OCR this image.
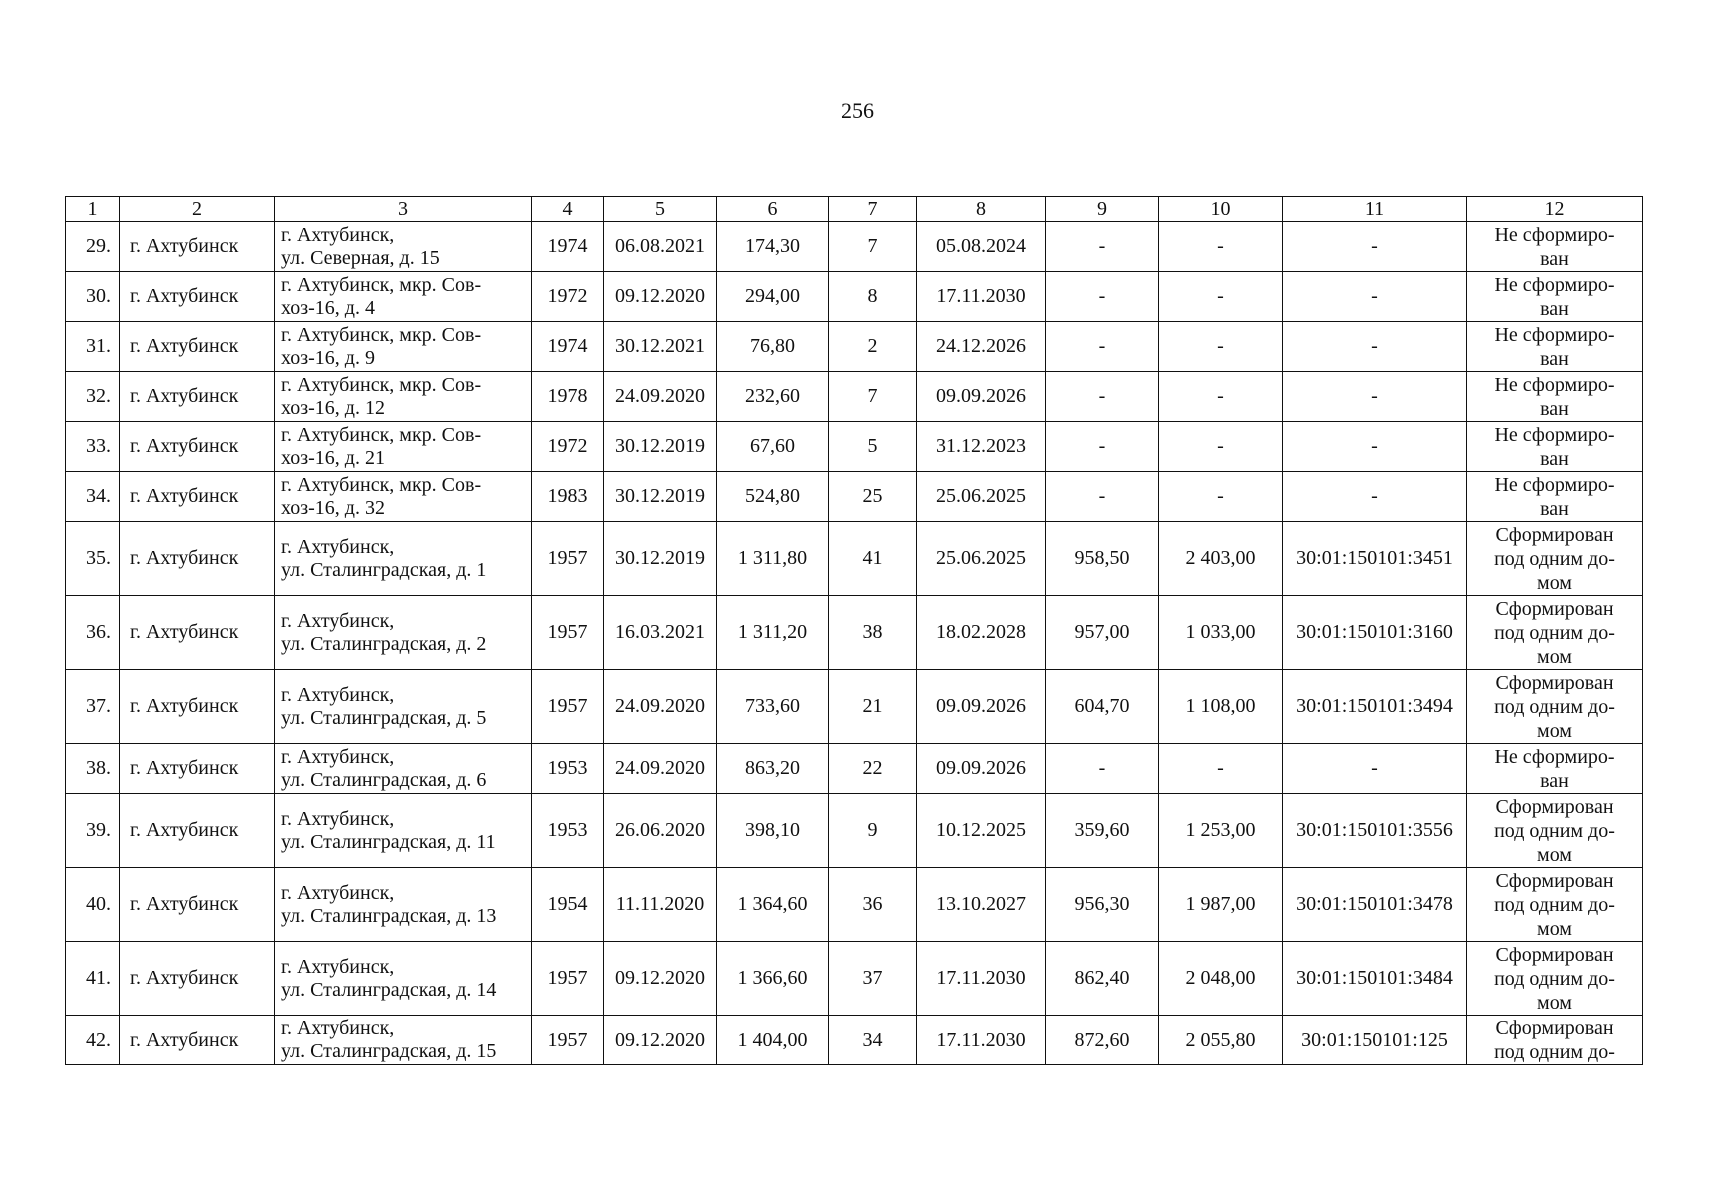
256
1	2	3	4	5	6	7	8	9	10	11	12
29.	г. Ахтубинск	г. Ахтубинск,
ул. Северная, д. 15	1974	06.08.2021	174,30	7	05.08.2024	-	-	-	Не сформиро-
ван
30.	г. Ахтубинск	г. Ахтубинск, мкр. Сов-
хоз-16, д. 4	1972	09.12.2020	294,00	8	17.11.2030	-	-	-	Не сформиро-
ван
31.	г. Ахтубинск	г. Ахтубинск, мкр. Сов-
хоз-16, д. 9	1974	30.12.2021	76,80	2	24.12.2026	-	-	-	Не сформиро-
ван
32.	г. Ахтубинск	г. Ахтубинск, мкр. Сов-
хоз-16, д. 12	1978	24.09.2020	232,60	7	09.09.2026	-	-	-	Не сформиро-
ван
33.	г. Ахтубинск	г. Ахтубинск, мкр. Сов-
хоз-16, д. 21	1972	30.12.2019	67,60	5	31.12.2023	-	-	-	Не сформиро-
ван
34.	г. Ахтубинск	г. Ахтубинск, мкр. Сов-
хоз-16, д. 32	1983	30.12.2019	524,80	25	25.06.2025	-	-	-	Не сформиро-
ван
35.	г. Ахтубинск	г. Ахтубинск,
ул. Сталинградская, д. 1	1957	30.12.2019	1 311,80	41	25.06.2025	958,50	2 403,00	30:01:150101:3451	Сформирован
под одним до-
мом
36.	г. Ахтубинск	г. Ахтубинск,
ул. Сталинградская, д. 2	1957	16.03.2021	1 311,20	38	18.02.2028	957,00	1 033,00	30:01:150101:3160	Сформирован
под одним до-
мом
37.	г. Ахтубинск	г. Ахтубинск,
ул. Сталинградская, д. 5	1957	24.09.2020	733,60	21	09.09.2026	604,70	1 108,00	30:01:150101:3494	Сформирован
под одним до-
мом
38.	г. Ахтубинск	г. Ахтубинск,
ул. Сталинградская, д. 6	1953	24.09.2020	863,20	22	09.09.2026	-	-	-	Не сформиро-
ван
39.	г. Ахтубинск	г. Ахтубинск,
ул. Сталинградская, д. 11	1953	26.06.2020	398,10	9	10.12.2025	359,60	1 253,00	30:01:150101:3556	Сформирован
под одним до-
мом
40.	г. Ахтубинск	г. Ахтубинск,
ул. Сталинградская, д. 13	1954	11.11.2020	1 364,60	36	13.10.2027	956,30	1 987,00	30:01:150101:3478	Сформирован
под одним до-
мом
41.	г. Ахтубинск	г. Ахтубинск,
ул. Сталинградская, д. 14	1957	09.12.2020	1 366,60	37	17.11.2030	862,40	2 048,00	30:01:150101:3484	Сформирован
под одним до-
мом
42.	г. Ахтубинск	г. Ахтубинск,
ул. Сталинградская, д. 15	1957	09.12.2020	1 404,00	34	17.11.2030	872,60	2 055,80	30:01:150101:125	Сформирован
под одним до-
